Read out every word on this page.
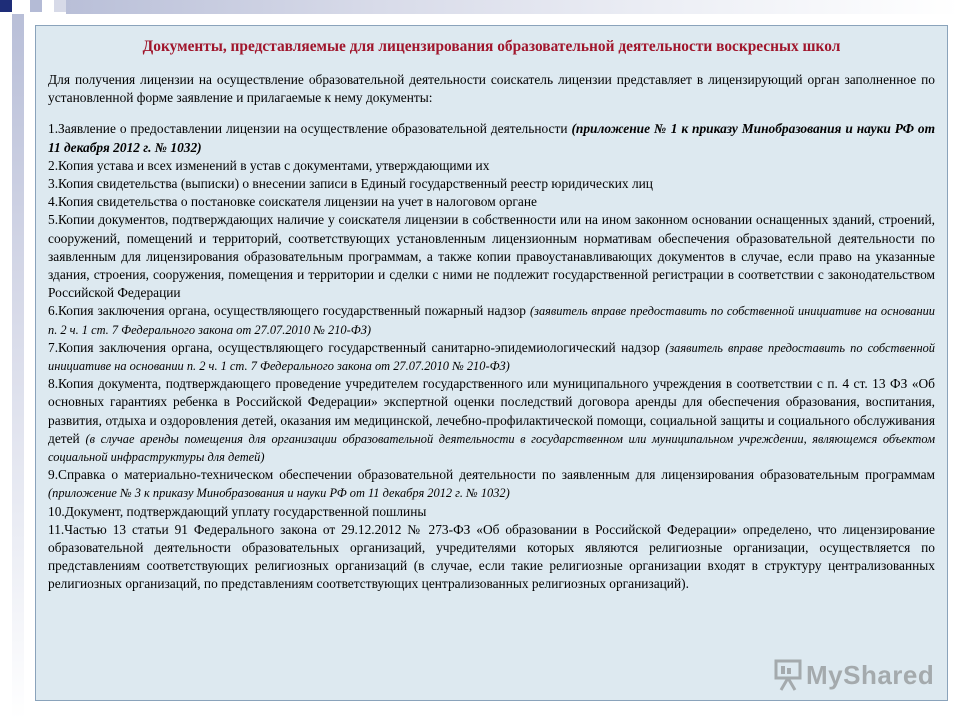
Документы, представляемые для лицензирования образовательной деятельности воскресных школ

Для получения лицензии на осуществление образовательной деятельности соискатель лицензии представляет в лицензирующий орган заполненное по установленной форме заявление и прилагаемые к нему документы:

1.Заявление о предоставлении лицензии на осуществление образовательной деятельности (приложение № 1 к приказу Минобразования и науки РФ от 11 декабря 2012 г. № 1032)

2.Копия устава и всех изменений в устав с документами, утверждающими их

3.Копия свидетельства (выписки) о внесении записи в Единый государственный реестр юридических лиц

4.Копия свидетельства о постановке соискателя лицензии на учет в налоговом органе

5.Копии документов, подтверждающих наличие у соискателя лицензии в собственности или на ином законном основании оснащенных зданий, строений, сооружений, помещений и территорий, соответствующих установленным лицензионным нормативам обеспечения образовательной деятельности по заявленным для лицензирования образовательным программам, а также копии правоустанавливающих документов в случае, если право на указанные здания, строения, сооружения, помещения и территории и сделки с ними не подлежит государственной регистрации в соответствии с законодательством Российской Федерации

6.Копия заключения органа, осуществляющего государственный пожарный надзор (заявитель вправе предоставить по собственной инициативе на основании п. 2 ч. 1 ст. 7 Федерального закона от 27.07.2010 № 210-ФЗ)

7.Копия заключения органа, осуществляющего государственный санитарно-эпидемиологический надзор (заявитель вправе предоставить по собственной инициативе на основании п. 2 ч. 1 ст. 7 Федерального закона от 27.07.2010 № 210-ФЗ)

8.Копия документа, подтверждающего проведение учредителем государственного или муниципального учреждения в соответствии с п. 4 ст. 13 ФЗ «Об основных гарантиях ребенка в Российской Федерации» экспертной оценки последствий договора аренды для обеспечения образования, воспитания, развития, отдыха и оздоровления детей, оказания им медицинской, лечебно-профилактической помощи, социальной защиты и социального обслуживания детей (в случае аренды помещения для организации образовательной деятельности в государственном или муниципальном учреждении, являющемся объектом социальной инфраструктуры для детей)

9.Справка о материально-техническом обеспечении образовательной деятельности по заявленным для лицензирования образовательным программам (приложение № 3 к приказу Минобразования и науки РФ от 11 декабря 2012 г. № 1032)

10.Документ, подтверждающий уплату государственной пошлины

11.Частью 13 статьи 91 Федерального закона от 29.12.2012 № 273-ФЗ «Об образовании в Российской Федерации» определено, что лицензирование образовательной деятельности образовательных организаций, учредителями которых являются религиозные организации, осуществляется по представлениям соответствующих религиозных организаций (в случае, если такие религиозные организации входят в структуру централизованных религиозных организаций, по представлениям соответствующих централизованных религиозных организаций).

MyShared
